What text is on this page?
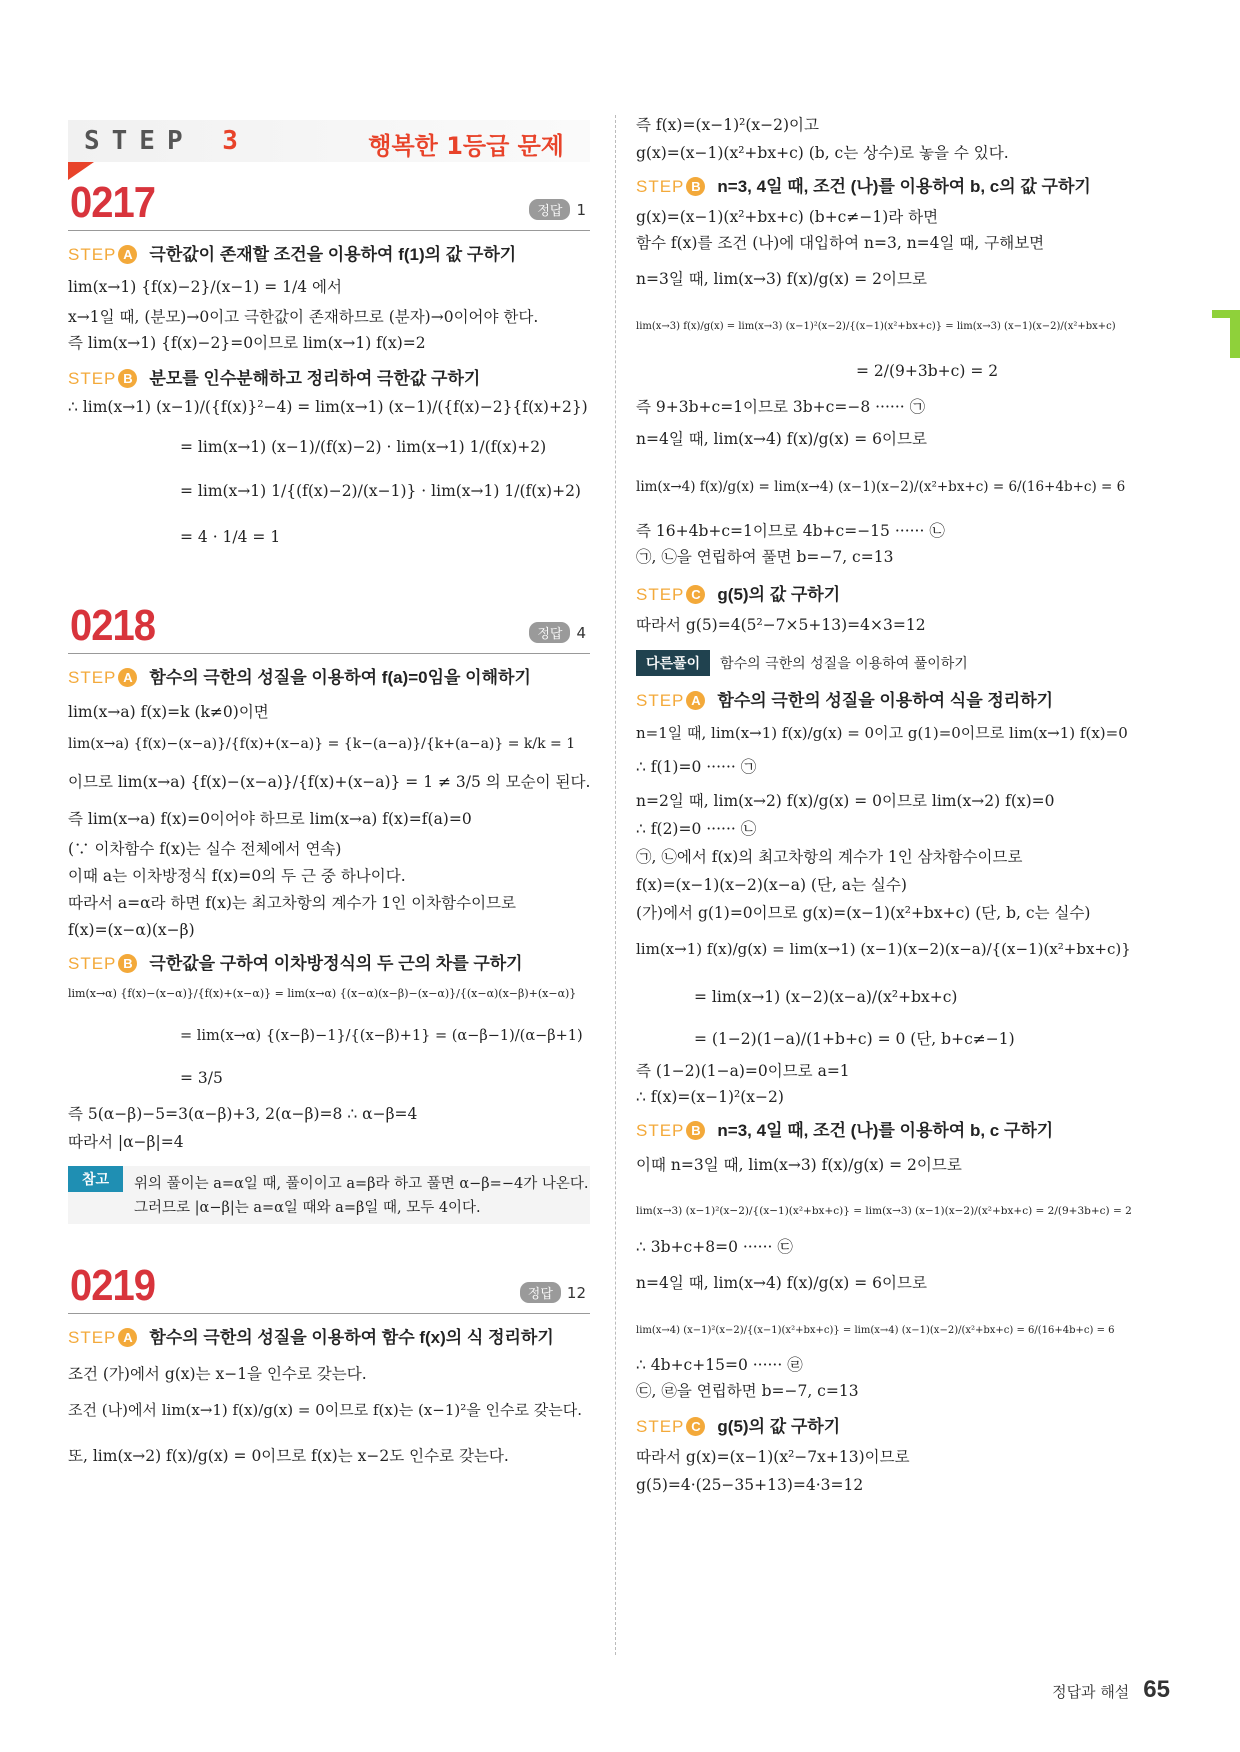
STEP 3	행복한 1등급 문제
0217	정답 1
STEP A 극한값이 존재할 조건을 이용하여 f(1)의 값 구하기
lim(x→1) {f(x)−2}/(x−1) = 1/4 에서
x→1일 때, (분모)→0이고 극한값이 존재하므로 (분자)→0이어야 한다.
즉 lim(x→1) {f(x)−2}=0이므로 lim(x→1) f(x)=2
STEP B 분모를 인수분해하고 정리하여 극한값 구하기
∴ lim(x→1) (x−1)/({f(x)}²−4) = lim(x→1) (x−1)/({f(x)−2}{f(x)+2})
= lim(x→1) (x−1)/(f(x)−2) · lim(x→1) 1/(f(x)+2)
= lim(x→1) 1/{(f(x)−2)/(x−1)} · lim(x→1) 1/(f(x)+2)
= 4 · 1/4 = 1
0218	정답 4
STEP A 함수의 극한의 성질을 이용하여 f(a)=0임을 이해하기
lim(x→a) f(x)=k (k≠0)이면
lim(x→a) {f(x)−(x−a)}/{f(x)+(x−a)} = {k−(a−a)}/{k+(a−a)} = k/k = 1
이므로 lim(x→a) {f(x)−(x−a)}/{f(x)+(x−a)} = 1 ≠ 3/5 의 모순이 된다.
즉 lim(x→a) f(x)=0이어야 하므로 lim(x→a) f(x)=f(a)=0
(∵ 이차함수 f(x)는 실수 전체에서 연속)
이때 a는 이차방정식 f(x)=0의 두 근 중 하나이다.
따라서 a=α라 하면 f(x)는 최고차항의 계수가 1인 이차함수이므로
f(x)=(x−α)(x−β)
STEP B 극한값을 구하여 이차방정식의 두 근의 차를 구하기
lim(x→α) {f(x)−(x−α)}/{f(x)+(x−α)} = lim(x→α) {(x−α)(x−β)−(x−α)}/{(x−α)(x−β)+(x−α)}
= lim(x→α) {(x−β)−1}/{(x−β)+1} = (α−β−1)/(α−β+1)
= 3/5
즉 5(α−β)−5=3(α−β)+3, 2(α−β)=8 ∴ α−β=4
따라서 |α−β|=4
참고	위의 풀이는 a=α일 때, 풀이이고 a=β라 하고 풀면 α−β=−4가 나온다.
그러므로 |α−β|는 a=α일 때와 a=β일 때, 모두 4이다.
0219	정답 12
STEP A 함수의 극한의 성질을 이용하여 함수 f(x)의 식 정리하기
조건 (가)에서 g(x)는 x−1을 인수로 갖는다.
조건 (나)에서 lim(x→1) f(x)/g(x) = 0이므로 f(x)는 (x−1)²을 인수로 갖는다.
또, lim(x→2) f(x)/g(x) = 0이므로 f(x)는 x−2도 인수로 갖는다.
즉 f(x)=(x−1)²(x−2)이고
g(x)=(x−1)(x²+bx+c) (b, c는 상수)로 놓을 수 있다.
STEP B n=3, 4일 때, 조건 (나)를 이용하여 b, c의 값 구하기
g(x)=(x−1)(x²+bx+c) (b+c≠−1)라 하면
함수 f(x)를 조건 (나)에 대입하여 n=3, n=4일 때, 구해보면
n=3일 때, lim(x→3) f(x)/g(x) = 2이므로
lim(x→3) f(x)/g(x) = lim(x→3) (x−1)²(x−2)/{(x−1)(x²+bx+c)} = lim(x→3) (x−1)(x−2)/(x²+bx+c)
= 2/(9+3b+c) = 2
즉 9+3b+c=1이므로 3b+c=−8 ······ ㉠
n=4일 때, lim(x→4) f(x)/g(x) = 6이므로
lim(x→4) f(x)/g(x) = lim(x→4) (x−1)(x−2)/(x²+bx+c) = 6/(16+4b+c) = 6
즉 16+4b+c=1이므로 4b+c=−15 ······ ㉡
㉠, ㉡을 연립하여 풀면 b=−7, c=13
STEP C g(5)의 값 구하기
따라서 g(5)=4(5²−7×5+13)=4×3=12
다른풀이 함수의 극한의 성질을 이용하여 풀이하기
STEP A 함수의 극한의 성질을 이용하여 식을 정리하기
n=1일 때, lim(x→1) f(x)/g(x) = 0이고 g(1)=0이므로 lim(x→1) f(x)=0
∴ f(1)=0 ······ ㉠
n=2일 때, lim(x→2) f(x)/g(x) = 0이므로 lim(x→2) f(x)=0
∴ f(2)=0 ······ ㉡
㉠, ㉡에서 f(x)의 최고차항의 계수가 1인 삼차함수이므로
f(x)=(x−1)(x−2)(x−a) (단, a는 실수)
(가)에서 g(1)=0이므로 g(x)=(x−1)(x²+bx+c) (단, b, c는 실수)
lim(x→1) f(x)/g(x) = lim(x→1) (x−1)(x−2)(x−a)/{(x−1)(x²+bx+c)}
= lim(x→1) (x−2)(x−a)/(x²+bx+c)
= (1−2)(1−a)/(1+b+c) = 0 (단, b+c≠−1)
즉 (1−2)(1−a)=0이므로 a=1
∴ f(x)=(x−1)²(x−2)
STEP B n=3, 4일 때, 조건 (나)를 이용하여 b, c 구하기
이때 n=3일 때, lim(x→3) f(x)/g(x) = 2이므로
lim(x→3) (x−1)²(x−2)/{(x−1)(x²+bx+c)} = lim(x→3) (x−1)(x−2)/(x²+bx+c) = 2/(9+3b+c) = 2
∴ 3b+c+8=0 ······ ㉢
n=4일 때, lim(x→4) f(x)/g(x) = 6이므로
lim(x→4) (x−1)²(x−2)/{(x−1)(x²+bx+c)} = lim(x→4) (x−1)(x−2)/(x²+bx+c) = 6/(16+4b+c) = 6
∴ 4b+c+15=0 ······ ㉣
㉢, ㉣을 연립하면 b=−7, c=13
STEP C g(5)의 값 구하기
따라서 g(x)=(x−1)(x²−7x+13)이므로
g(5)=4·(25−35+13)=4·3=12
정답과 해설 65
